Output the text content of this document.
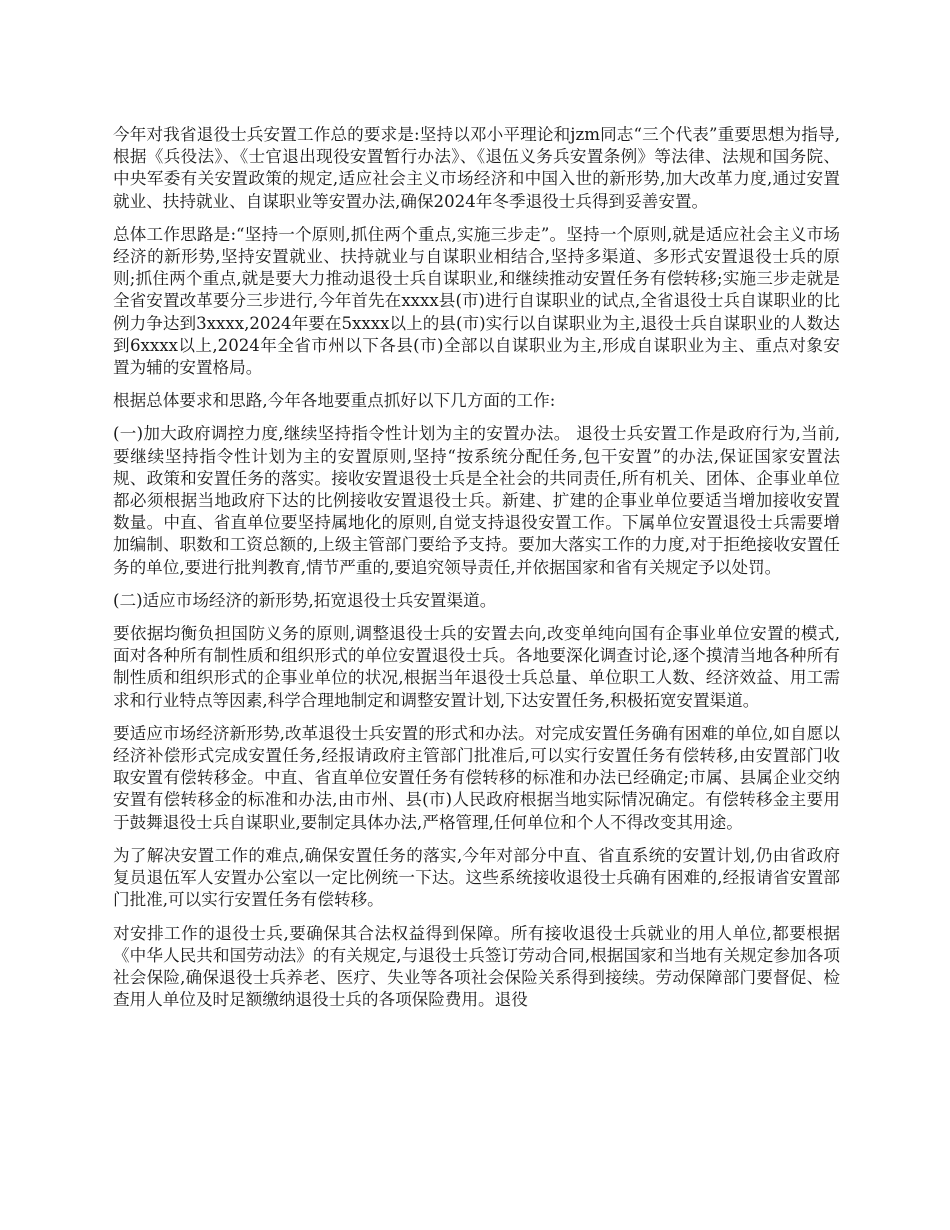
今年对我省退役士兵安置工作总的要求是:坚持以邓小平理论和jzm同志“三个代表”重要思想为指导,根据《兵役法》、《士官退出现役安置暂行办法》、《退伍义务兵安置条例》等法律、法规和国务院、中央军委有关安置政策的规定,适应社会主义市场经济和中国入世的新形势,加大改革力度,通过安置就业、扶持就业、自谋职业等安置办法,确保2024年冬季退役士兵得到妥善安置。

总体工作思路是:“坚持一个原则,抓住两个重点,实施三步走”。坚持一个原则,就是适应社会主义市场经济的新形势,坚持安置就业、扶持就业与自谋职业相结合,坚持多渠道、多形式安置退役士兵的原则;抓住两个重点,就是要大力推动退役士兵自谋职业,和继续推动安置任务有偿转移;实施三步走就是全省安置改革要分三步进行,今年首先在xxxx县(市)进行自谋职业的试点,全省退役士兵自谋职业的比例力争达到3xxxx,2024年要在5xxxx以上的县(市)实行以自谋职业为主,退役士兵自谋职业的人数达到6xxxx以上,2024年全省市州以下各县(市)全部以自谋职业为主,形成自谋职业为主、重点对象安置为辅的安置格局。

根据总体要求和思路,今年各地要重点抓好以下几方面的工作:

(一)加大政府调控力度,继续坚持指令性计划为主的安置办法。 退役士兵安置工作是政府行为,当前,要继续坚持指令性计划为主的安置原则,坚持“按系统分配任务,包干安置”的办法,保证国家安置法规、政策和安置任务的落实。接收安置退役士兵是全社会的共同责任,所有机关、团体、企事业单位都必须根据当地政府下达的比例接收安置退役士兵。新建、扩建的企事业单位要适当增加接收安置数量。中直、省直单位要坚持属地化的原则,自觉支持退役安置工作。下属单位安置退役士兵需要增加编制、职数和工资总额的,上级主管部门要给予支持。要加大落实工作的力度,对于拒绝接收安置任务的单位,要进行批判教育,情节严重的,要追究领导责任,并依据国家和省有关规定予以处罚。

(二)适应市场经济的新形势,拓宽退役士兵安置渠道。

要依据均衡负担国防义务的原则,调整退役士兵的安置去向,改变单纯向国有企事业单位安置的模式,面对各种所有制性质和组织形式的单位安置退役士兵。各地要深化调查讨论,逐个摸清当地各种所有制性质和组织形式的企事业单位的状况,根据当年退役士兵总量、单位职工人数、经济效益、用工需求和行业特点等因素,科学合理地制定和调整安置计划,下达安置任务,积极拓宽安置渠道。

要适应市场经济新形势,改革退役士兵安置的形式和办法。对完成安置任务确有困难的单位,如自愿以经济补偿形式完成安置任务,经报请政府主管部门批准后,可以实行安置任务有偿转移,由安置部门收取安置有偿转移金。中直、省直单位安置任务有偿转移的标准和办法已经确定;市属、县属企业交纳安置有偿转移金的标准和办法,由市州、县(市)人民政府根据当地实际情况确定。有偿转移金主要用于鼓舞退役士兵自谋职业,要制定具体办法,严格管理,任何单位和个人不得改变其用途。

为了解决安置工作的难点,确保安置任务的落实,今年对部分中直、省直系统的安置计划,仍由省政府复员退伍军人安置办公室以一定比例统一下达。这些系统接收退役士兵确有困难的,经报请省安置部门批准,可以实行安置任务有偿转移。

对安排工作的退役士兵,要确保其合法权益得到保障。所有接收退役士兵就业的用人单位,都要根据《中华人民共和国劳动法》的有关规定,与退役士兵签订劳动合同,根据国家和当地有关规定参加各项社会保险,确保退役士兵养老、医疗、失业等各项社会保险关系得到接续。劳动保障部门要督促、检查用人单位及时足额缴纳退役士兵的各项保险费用。退役
